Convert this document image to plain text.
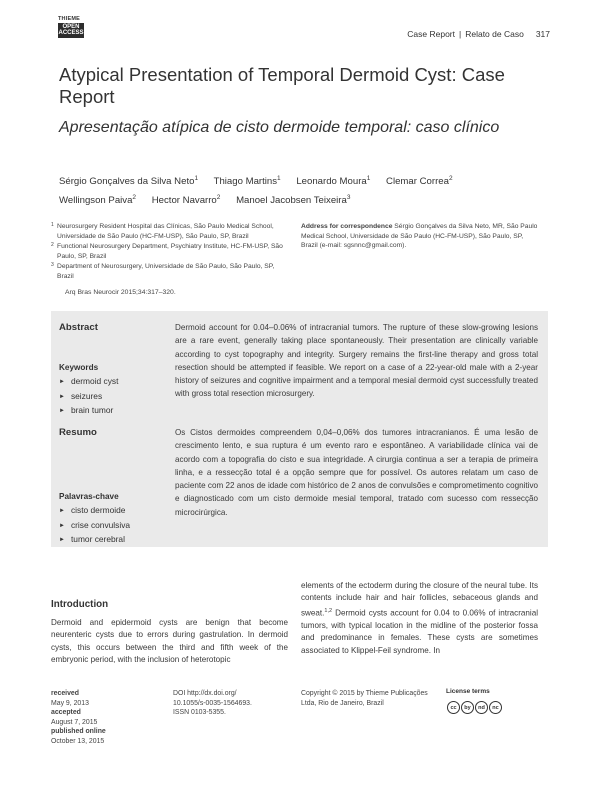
THIEME
OPEN
ACCESS	Case Report | Relato de Caso 317
Atypical Presentation of Temporal Dermoid Cyst: Case Report
Apresentação atípica de cisto dermoide temporal: caso clínico
Sérgio Gonçalves da Silva Neto$^1$ Thiago Martins$^1$ Leonardo Moura$^1$ Clemar Correa$^2$
Wellingson Paiva$^2$ Hector Navarro$^2$ Manoel Jacobsen Teixeira$^3$
1 Neurosurgery Resident Hospital das Clínicas, São Paulo Medical School, Universidade de São Paulo (HC-FM-USP), São Paulo, SP, Brazil
2 Functional Neurosurgery Department, Psychiatry Institute, HC-FM-USP, São Paulo, SP, Brazil
3 Department of Neurosurgery, Universidade de São Paulo, São Paulo, SP, Brazil
Address for correspondence Sérgio Gonçalves da Silva Neto, MR, São Paulo Medical School, Universidade de São Paulo (HC-FM-USP), São Paulo, SP, Brazil (e-mail: sgsnnc@gmail.com).
Arq Bras Neurocir 2015;34:317–320.
Abstract	Dermoid account for 0.04–0.06% of intracranial tumors. The rupture of these slow-growing lesions are a rare event, generally taking place spontaneously. Their presentation are clinically variable according to cyst topography and integrity. Surgery remains the first-line therapy and gross total resection should be attempted if feasible. We report on a case of a 22-year-old male with a 2-year history of seizures and cognitive impairment and a temporal mesial dermoid cyst successfully treated with gross total resection microsurgery.
Keywords
► dermoid cyst
► seizures
► brain tumor
Resumo	Os Cistos dermoides compreendem 0,04–0,06% dos tumores intracranianos. É uma lesão de crescimento lento, e sua ruptura é um evento raro e espontâneo. A variabilidade clínica vai de acordo com a topografia do cisto e sua integridade. A cirurgia continua a ser a terapia de primeira linha, e a ressecção total é a opção sempre que for possível. Os autores relatam um caso de paciente com 22 anos de idade com histórico de 2 anos de convulsões e comprometimento cognitivo e diagnosticado com um cisto dermoide mesial temporal, tratado com sucesso com ressecção microcirúrgica.
Palavras-chave
► cisto dermoide
► crise convulsiva
► tumor cerebral
Introduction
Dermoid and epidermoid cysts are benign that become neurenteric cysts due to errors during gastrulation. In dermoid cysts, this occurs between the third and fifth week of the embryonic period, with the inclusion of heterotopic
elements of the ectoderm during the closure of the neural tube. Its contents include hair and hair follicles, sebaceous glands and sweat.$^{1,2}$ Dermoid cysts account for 0.04 to 0.06% of intracranial tumors, with typical location in the midline of the posterior fossa and predominance in females. These cysts are sometimes associated to Klippel-Feil syndrome. In
received
May 9, 2013
accepted
August 7, 2015
published online
October 13, 2015
DOI http://dx.doi.org/
10.1055/s-0035-1564693.
ISSN 0103-5355.
Copyright © 2015 by Thieme Publicações Ltda, Rio de Janeiro, Brazil
License terms
cc	by	nd	nc
